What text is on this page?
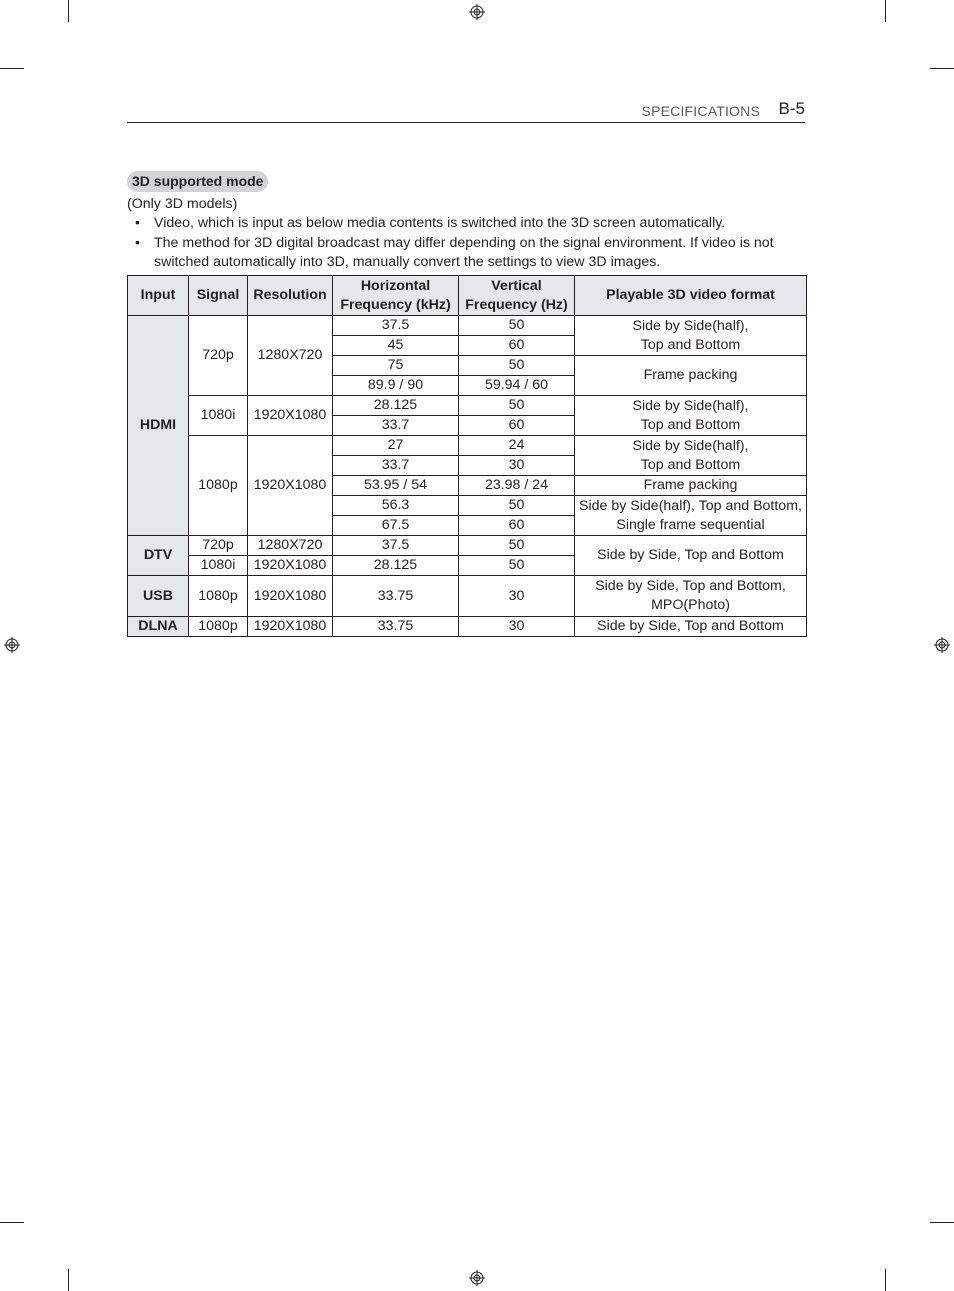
SPECIFICATIONS B-5
3D supported mode
(Only 3D models)
• Video, which is input as below media contents is switched into the 3D screen automatically.
• The method for 3D digital broadcast may differ depending on the signal environment. If video is not switched automatically into 3D, manually convert the settings to view 3D images.
Input	Signal	Resolution	Horizontal
Frequency (kHz)	Vertical
Frequency (Hz)	Playable 3D video format
HDMI	720p	1280X720	37.5	50	Side by Side(half),
Top and Bottom
			45	60	
			75	50	Frame packing
			89.9 / 90	59.94 / 60	
	1080i	1920X1080	28.125	50	Side by Side(half),
Top and Bottom
			33.7	60	
	1080p	1920X1080	27	24	Side by Side(half),
Top and Bottom
			33.7	30	
			53.95 / 54	23.98 / 24	Frame packing
			56.3	50	Side by Side(half), Top and Bottom,
Single frame sequential
			67.5	60	
DTV	720p	1280X720	37.5	50	Side by Side, Top and Bottom
	1080i	1920X1080	28.125	50	
USB	1080p	1920X1080	33.75	30	Side by Side, Top and Bottom,
MPO(Photo)
DLNA	1080p	1920X1080	33.75	30	Side by Side, Top and Bottom
